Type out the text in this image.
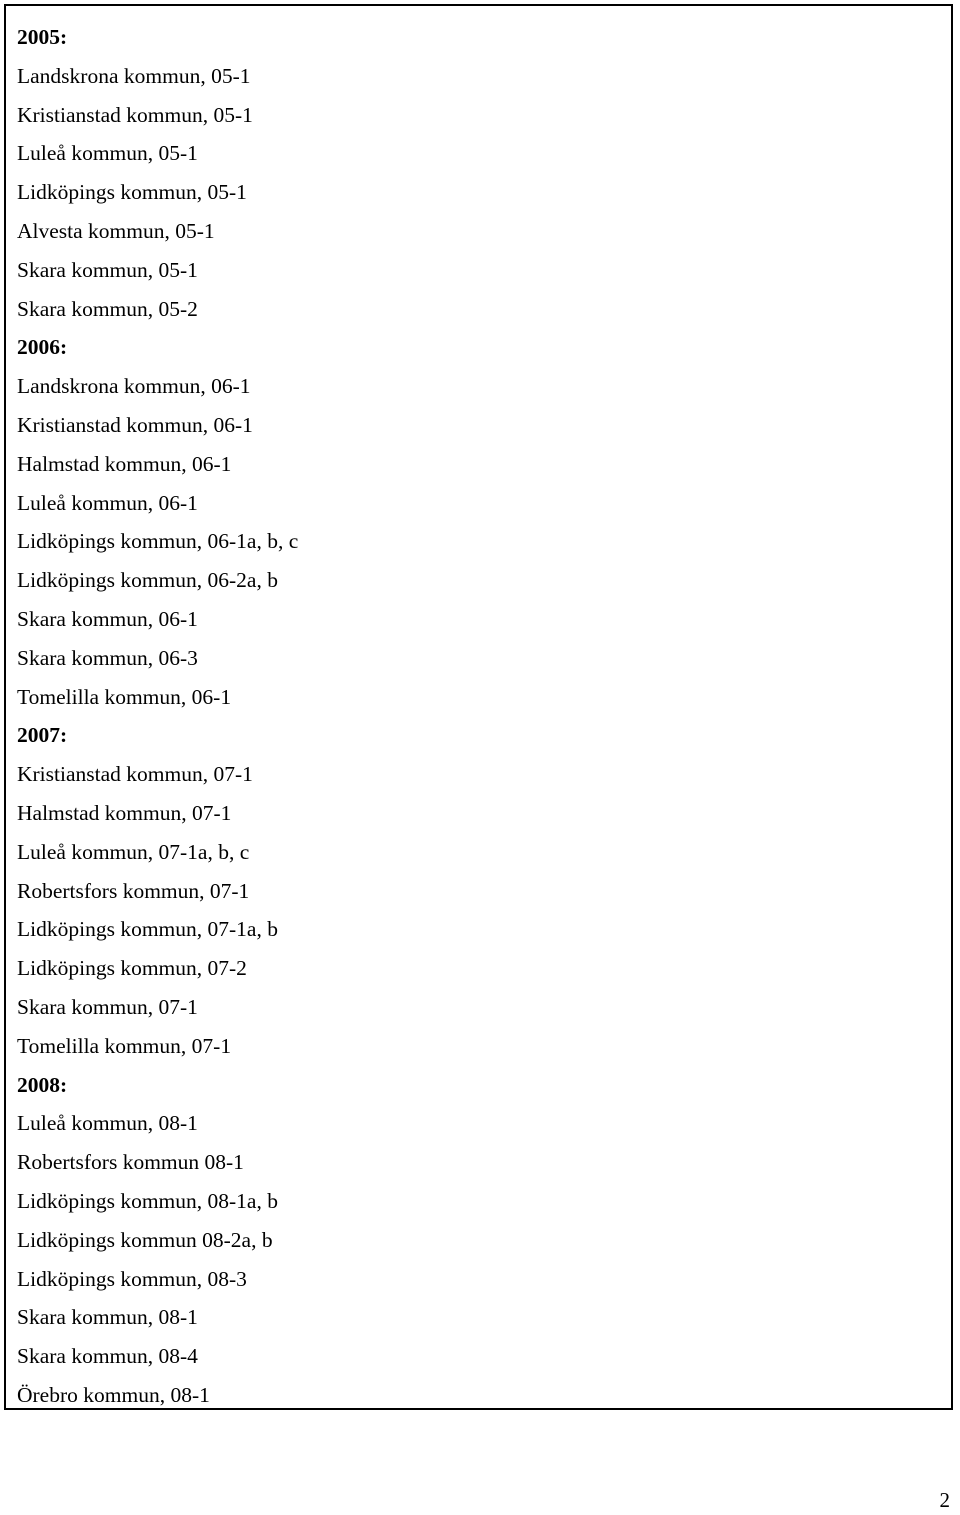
2005:
Landskrona kommun, 05-1
Kristianstad kommun, 05-1
Luleå kommun, 05-1
Lidköpings kommun, 05-1
Alvesta kommun, 05-1
Skara kommun, 05-1
Skara kommun, 05-2
2006:
Landskrona kommun, 06-1
Kristianstad kommun, 06-1
Halmstad kommun, 06-1
Luleå kommun, 06-1
Lidköpings kommun, 06-1a, b, c
Lidköpings kommun, 06-2a, b
Skara kommun, 06-1
Skara kommun, 06-3
Tomelilla kommun, 06-1
2007:
Kristianstad kommun, 07-1
Halmstad kommun, 07-1
Luleå kommun, 07-1a, b, c
Robertsfors kommun, 07-1
Lidköpings kommun, 07-1a, b
Lidköpings kommun, 07-2
Skara kommun, 07-1
Tomelilla kommun, 07-1
2008:
Luleå kommun, 08-1
Robertsfors kommun 08-1
Lidköpings kommun, 08-1a, b
Lidköpings kommun 08-2a, b
Lidköpings kommun, 08-3
Skara kommun, 08-1
Skara kommun, 08-4
Örebro kommun, 08-1
2
